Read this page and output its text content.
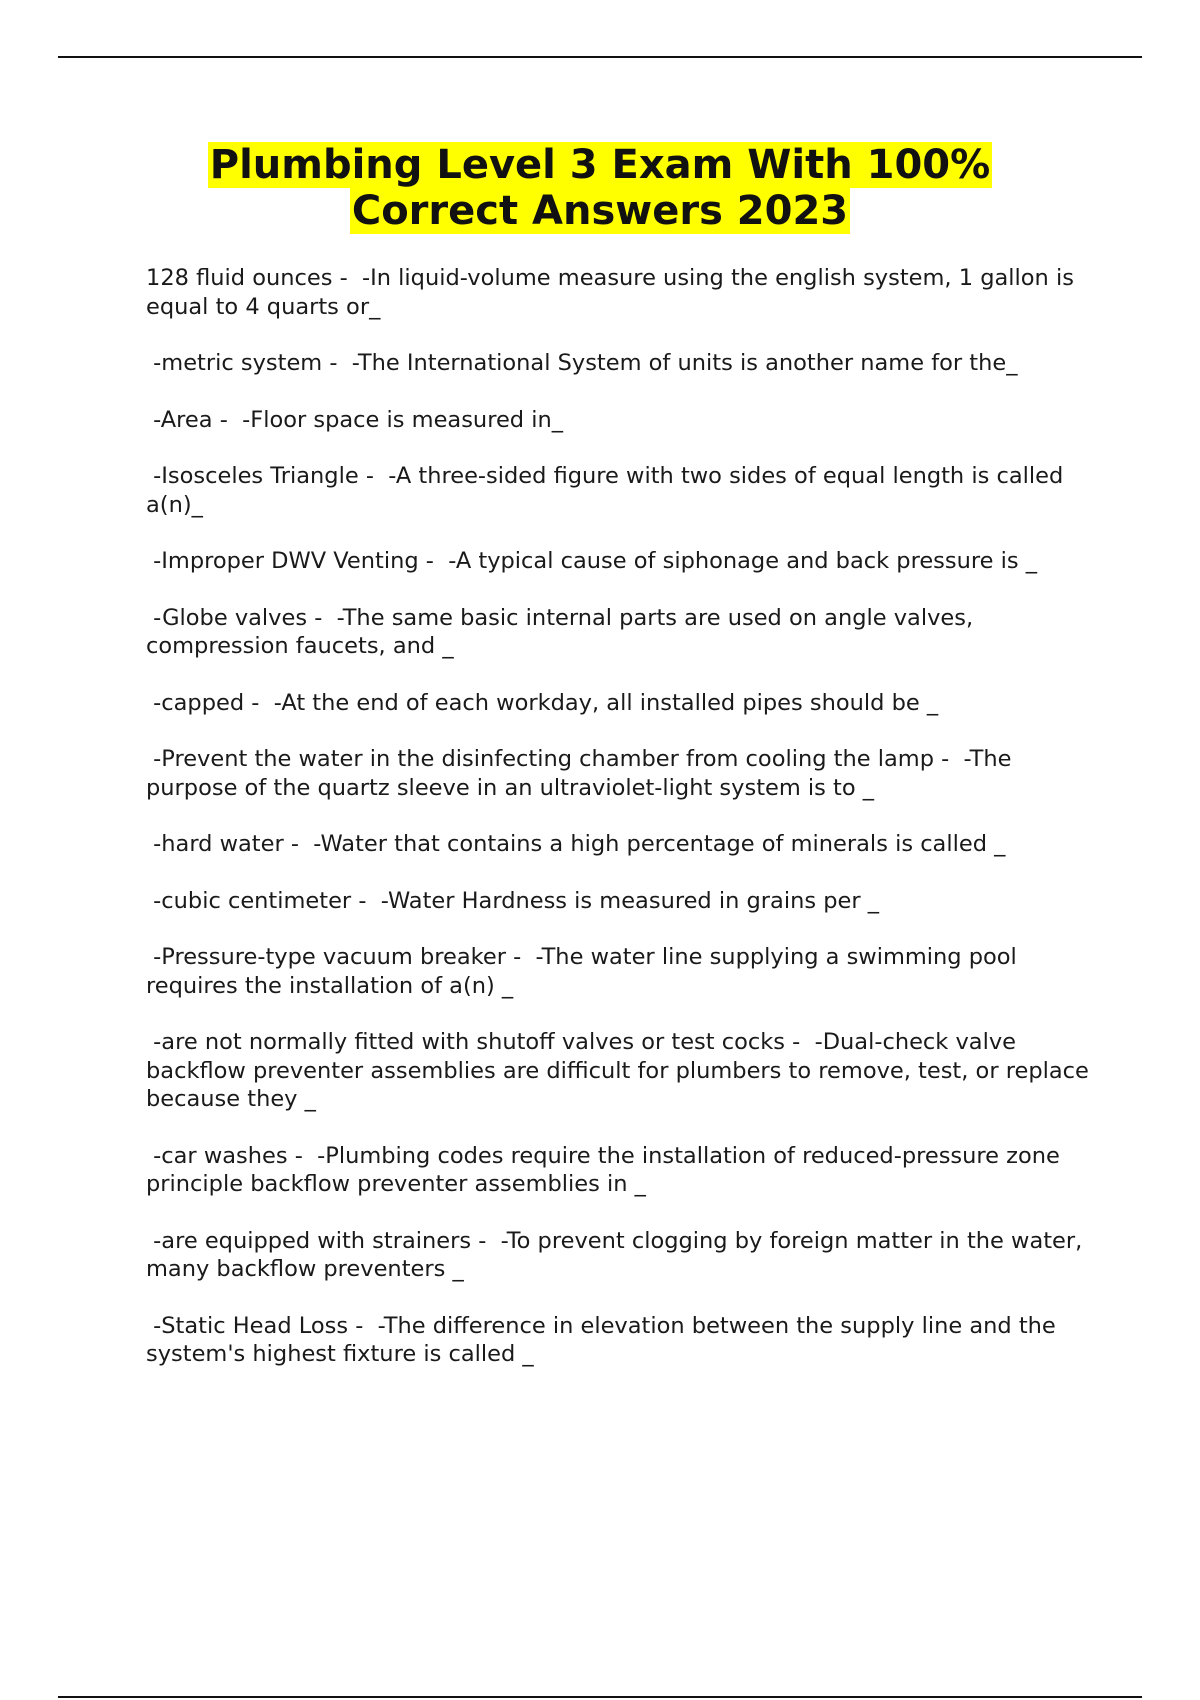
Plumbing Level 3 Exam With 100%
Correct Answers 2023

128 fluid ounces -  -In liquid-volume measure using the english system, 1 gallon is equal to 4 quarts or_

-metric system -  -The International System of units is another name for the_

-Area -  -Floor space is measured in_

-Isosceles Triangle -  -A three-sided figure with two sides of equal length is called a(n)_

-Improper DWV Venting -  -A typical cause of siphonage and back pressure is _

-Globe valves -  -The same basic internal parts are used on angle valves, compression faucets, and _

-capped -  -At the end of each workday, all installed pipes should be _

-Prevent the water in the disinfecting chamber from cooling the lamp -  -The purpose of the quartz sleeve in an ultraviolet-light system is to _

-hard water -  -Water that contains a high percentage of minerals is called _

-cubic centimeter -  -Water Hardness is measured in grains per _

-Pressure-type vacuum breaker -  -The water line supplying a swimming pool requires the installation of a(n) _

-are not normally fitted with shutoff valves or test cocks -  -Dual-check valve backflow preventer assemblies are difficult for plumbers to remove, test, or replace because they _

-car washes -  -Plumbing codes require the installation of reduced-pressure zone principle backflow preventer assemblies in _

-are equipped with strainers -  -To prevent clogging by foreign matter in the water, many backflow preventers _

-Static Head Loss -  -The difference in elevation between the supply line and the system's highest fixture is called _
